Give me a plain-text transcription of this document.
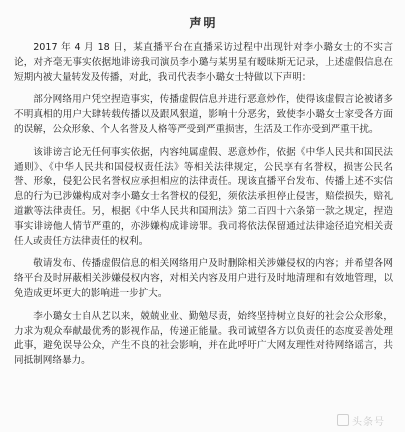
声明

2017 年 4 月 18 日，某直播平台在直播采访过程中出现针对李小璐女士的不实言论，对齐毫无事实依据地诽谤我司演员李小璐与某男星有暧昧斯无记录，上述虚假信息在短期内被大量转发及传播，对此，我司代表李小璐女士特做以下声明：

部分网络用户凭空捏造事实，传播虚假信息并进行恶意炒作，使得该虚假言论被诸多不明真相的用户大肆转载传播以及跟风狠道，影响十分恶劣，致使李小璐女士家受各方面的误解，公众形象、个人名誉及人格等严受到严重损害，生活及工作亦受到严重干扰。

该诽谤言论无任何事实依据，内容纯属虚假、恶意炒作，依据《中华人民共和国民法通则》、《中华人民共和国侵权责任法》等相关法律规定，公民享有名誉权，损害公民名誉、形象，侵犯公民名誉权应承担相应的法律责任。现该直播平台发布、传播上述不实信息的行为已涉嫌构成对李小璐女士名誉权的侵犯，须依法承担停止侵害，赔偿损失，赔礼道歉等法律责任。另，根据《中华人民共和国刑法》第二百四十六条第一款之规定，捏造事实诽谤他人情节严重的，亦涉嫌构成诽谤罪。我司将依法保留通过法律途径追究相关责任人或责任方法律责任的权利。

敬请发布、传播虚假信息的相关网络用户及时删除相关涉嫌侵权的内容；并希望各网络平台及时屏蔽相关涉嫌侵权内容，对相关内容及用户进行及时地清理和有效地管理，以免造成更坏更大的影响进一步扩大。

李小璐女士自从艺以来，兢兢业业、勤勉尽责，始终坚持树立良好的社会公众形象，力求为观众奉献最优秀的影视作品，传递正能量。我司诚望各方以负责任的态度妥善处理此事，避免误导公众，产生不良的社会影响，并在此呼吁广大网友理性对待网络谣言，共同抵制网络暴力。

头条号
